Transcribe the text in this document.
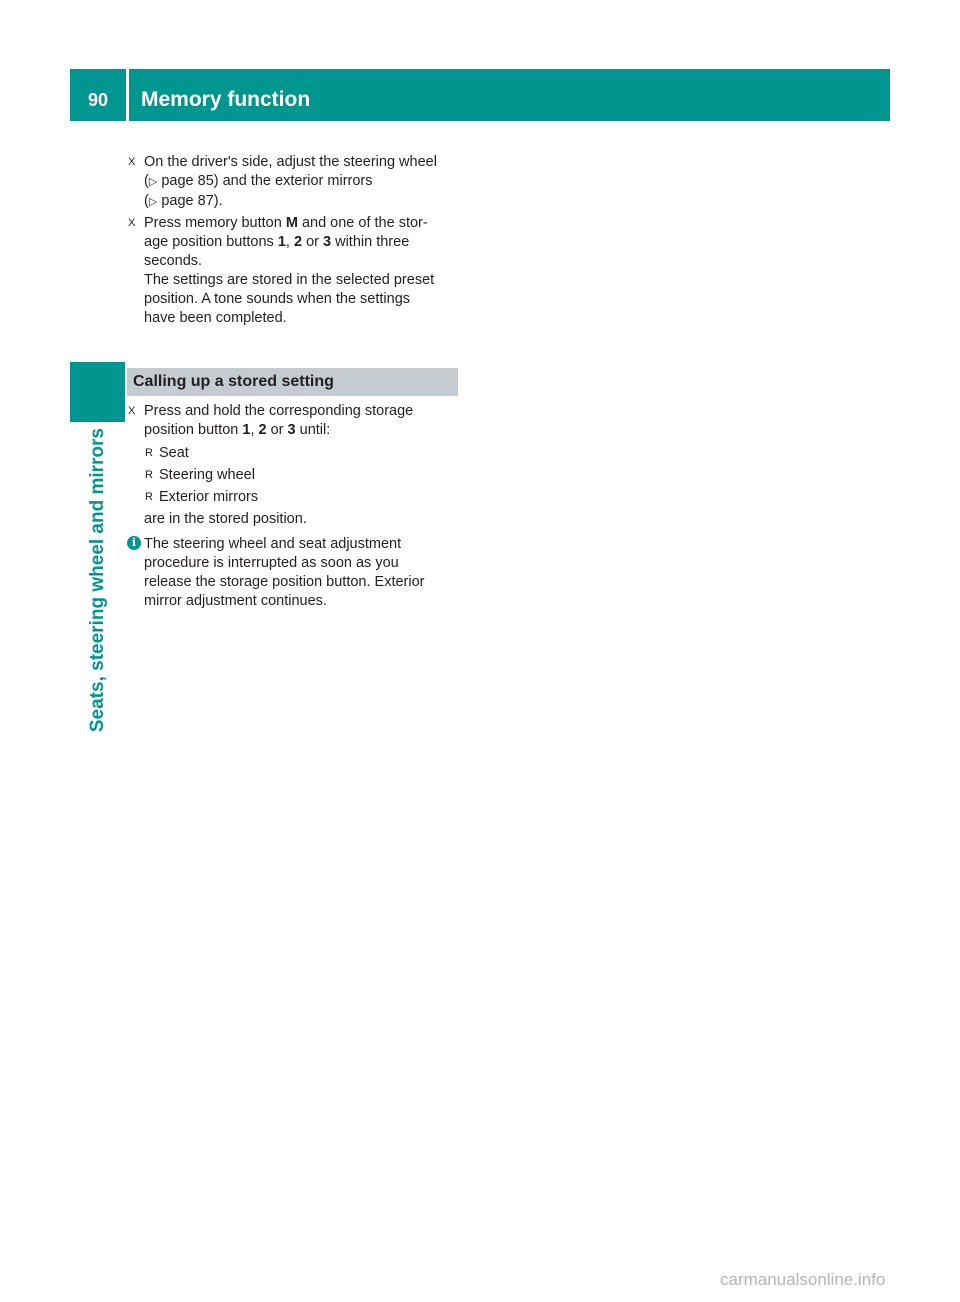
90	Memory function
Seats, steering wheel and mirrors
X On the driver's side, adjust the steering wheel
(▷ page 85) and the exterior mirrors
(▷ page 87).
X Press memory button M and one of the stor-
age position buttons 1, 2 or 3 within three
seconds.
The settings are stored in the selected preset
position. A tone sounds when the settings
have been completed.
Calling up a stored setting
X Press and hold the corresponding storage
position button 1, 2 or 3 until:
R Seat
R Steering wheel
R Exterior mirrors
are in the stored position.
i The steering wheel and seat adjustment
procedure is interrupted as soon as you
release the storage position button. Exterior
mirror adjustment continues.
carmanualsonline.info
